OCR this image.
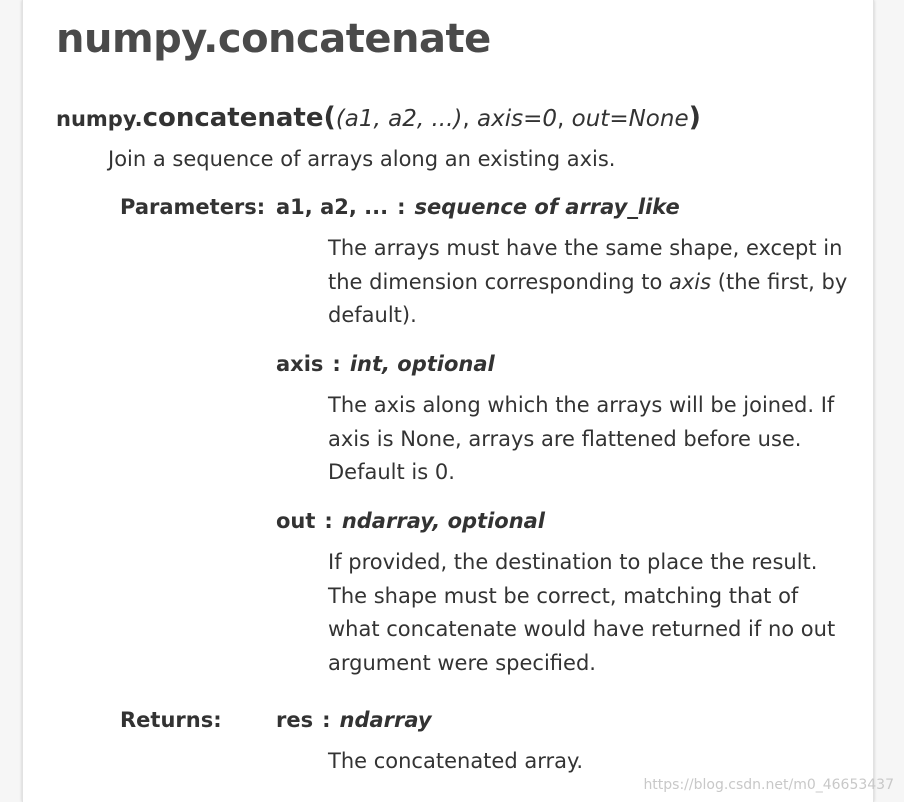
numpy.concatenate
numpy.concatenate((a1, a2, ...), axis=0, out=None)
Join a sequence of arrays along an existing axis.
Parameters: a1, a2, ... : sequence of array_like

The arrays must have the same shape, except in the dimension corresponding to axis (the first, by default).

axis : int, optional

The axis along which the arrays will be joined. If axis is None, arrays are flattened before use. Default is 0.

out : ndarray, optional

If provided, the destination to place the result. The shape must be correct, matching that of what concatenate would have returned if no out argument were specified.

Returns:	res : ndarray

The concatenated array.

https://blog.csdn.net/m0_46653437
